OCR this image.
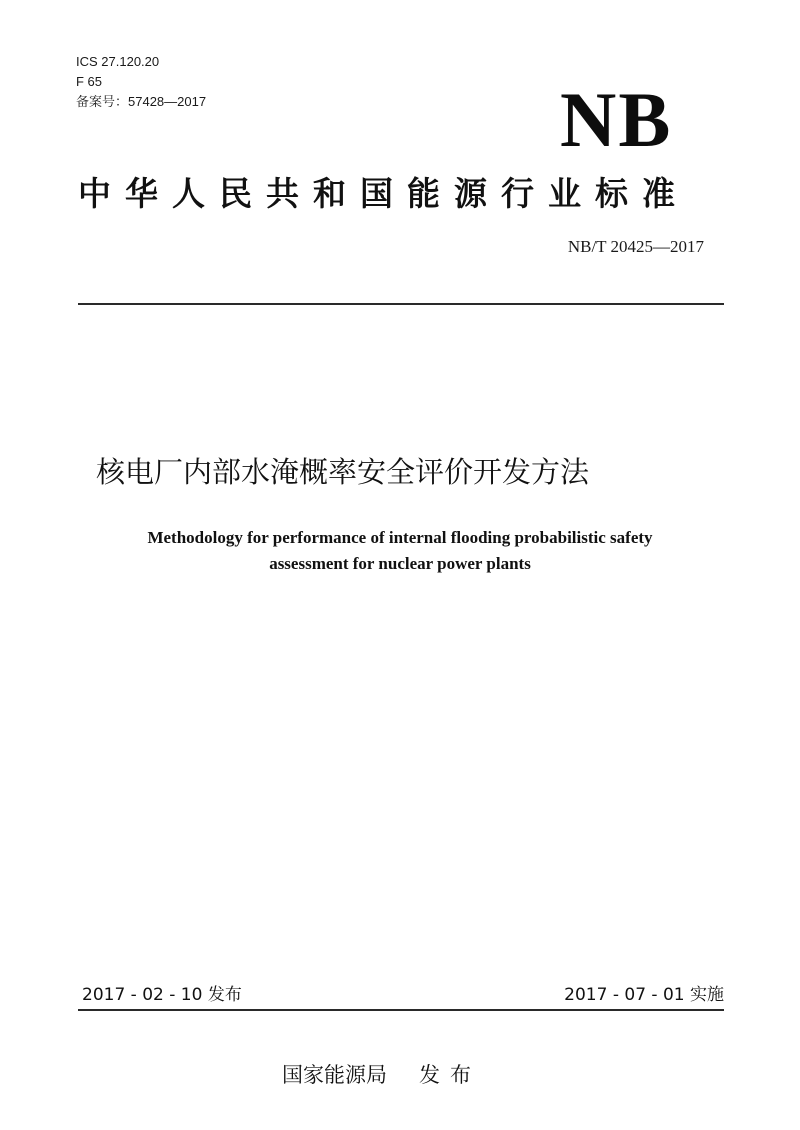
ICS 27.120.20
F 65
备案号：57428—2017	NB
中华人民共和国能源行业标准
NB/T 20425—2017
核电厂内部水淹概率安全评价开发方法
Methodology for performance of internal flooding probabilistic safety
assessment for nuclear power plants
2017 - 02 - 10 发布	2017 - 07 - 01 实施
国家能源局 发布
